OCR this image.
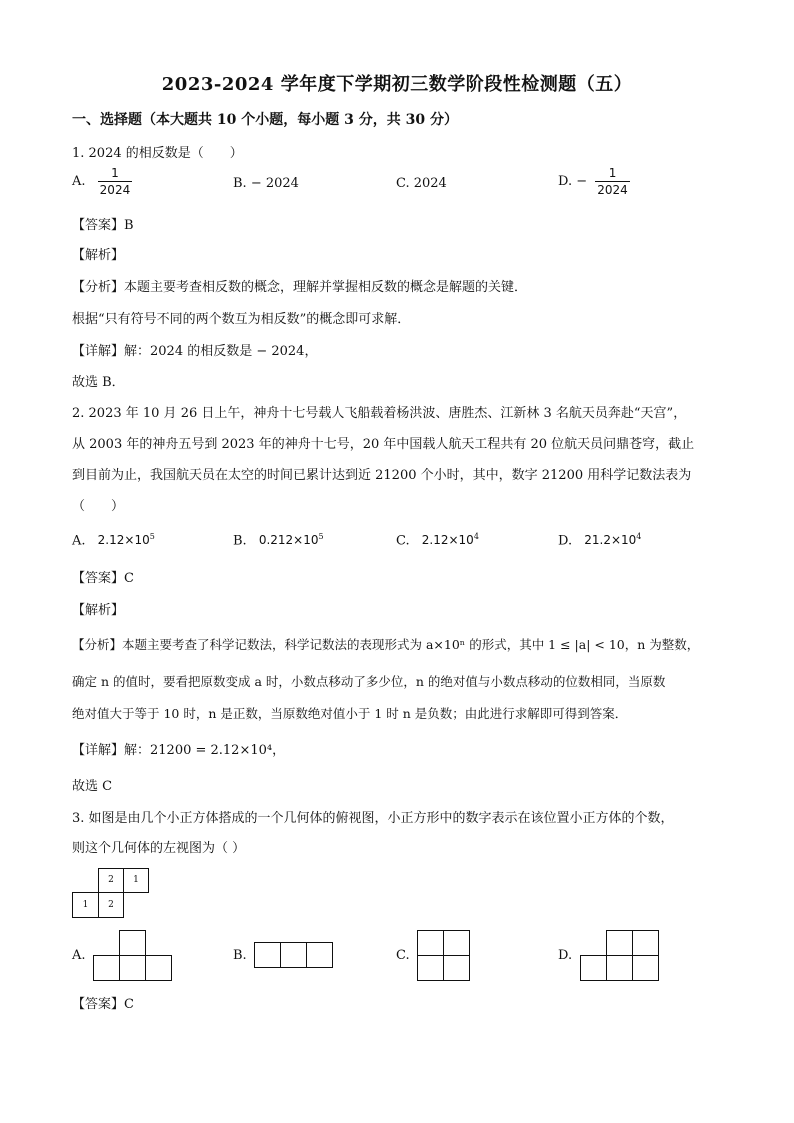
2023-2024 学年度下学期初三数学阶段性检测题（五）
一、选择题（本大题共 10 个小题，每小题 3 分，共 30 分）
1. 2024 的相反数是（　　）
A. $\frac{1}{2024}$	B. − 2024	C. 2024	D. − $\frac{1}{2024}$
【答案】B
【解析】
【分析】本题主要考查相反数的概念，理解并掌握相反数的概念是解题的关键．
根据“只有符号不同的两个数互为相反数”的概念即可求解．
【详解】解：2024 的相反数是 − 2024，
故选 B．
2. 2023 年 10 月 26 日上午，神舟十七号载人飞船载着杨洪波、唐胜杰、江新林 3 名航天员奔赴“天宫”，
从 2003 年的神舟五号到 2023 年的神舟十七号，20 年中国载人航天工程共有 20 位航天员问鼎苍穹，截止
到目前为止，我国航天员在太空的时间已累计达到近 21200 个小时，其中，数字 21200 用科学记数法表为
（　　）
A. $2.12\times 10^5$	B. $0.212\times 10^5$	C. $2.12\times 10^4$	D. $21.2\times 10^4$
【答案】C
【解析】
【分析】本题主要考查了科学记数法，科学记数法的表现形式为 a×10ⁿ 的形式，其中 1 ≤ |a| < 10，n 为整数，
确定 n 的值时，要看把原数变成 a 时，小数点移动了多少位，n 的绝对值与小数点移动的位数相同，当原数
绝对值大于等于 10 时，n 是正数，当原数绝对值小于 1 时 n 是负数；由此进行求解即可得到答案．
【详解】解：21200 = 2.12×10⁴，
故选 C
3. 如图是由几个小正方体搭成的一个几何体的俯视图，小正方形中的数字表示在该位置小正方体的个数，
则这个几何体的左视图为（ ）
2	1
1	2
A.	B.	C.	D.
【答案】C
